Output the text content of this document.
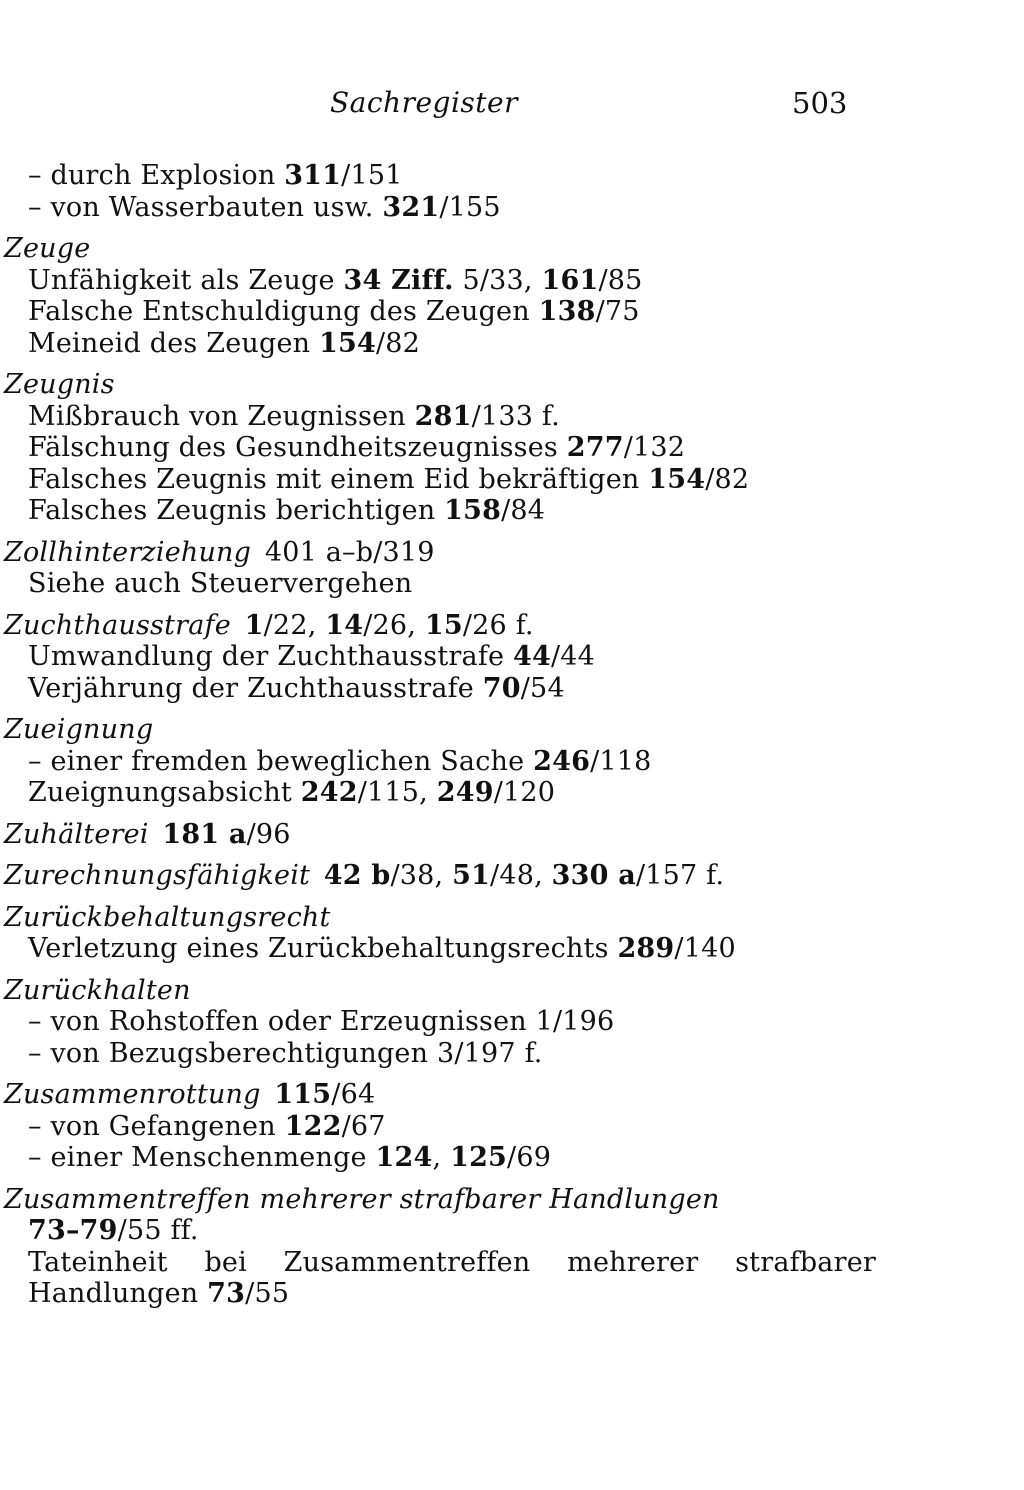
Sachregister	503
– durch Explosion 311/151
– von Wasserbauten usw. 321/155
Zeuge
Unfähigkeit als Zeuge 34 Ziff. 5/33, 161/85
Falsche Entschuldigung des Zeugen 138/75
Meineid des Zeugen 154/82
Zeugnis
Mißbrauch von Zeugnissen 281/133 f.
Fälschung des Gesundheitszeugnisses 277/132
Falsches Zeugnis mit einem Eid bekräftigen 154/82
Falsches Zeugnis berichtigen 158/84
Zollhinterziehung  401 a–b/319
Siehe auch Steuervergehen
Zuchthausstrafe  1/22, 14/26, 15/26 f.
Umwandlung der Zuchthausstrafe 44/44
Verjährung der Zuchthausstrafe 70/54
Zueignung
– einer fremden beweglichen Sache 246/118
Zueignungsabsicht 242/115, 249/120
Zuhälterei  181 a/96
Zurechnungsfähigkeit  42 b/38, 51/48, 330 a/157 f.
Zurückbehaltungsrecht
Verletzung eines Zurückbehaltungsrechts 289/140
Zurückhalten
– von Rohstoffen oder Erzeugnissen 1/196
– von Bezugsberechtigungen 3/197 f.
Zusammenrottung  115/64
– von Gefangenen 122/67
– einer Menschenmenge 124, 125/69
Zusammentreffen mehrerer strafbarer Handlungen
73–79/55 ff.
Tateinheit bei Zusammentreffen mehrerer strafbarer
Handlungen 73/55
